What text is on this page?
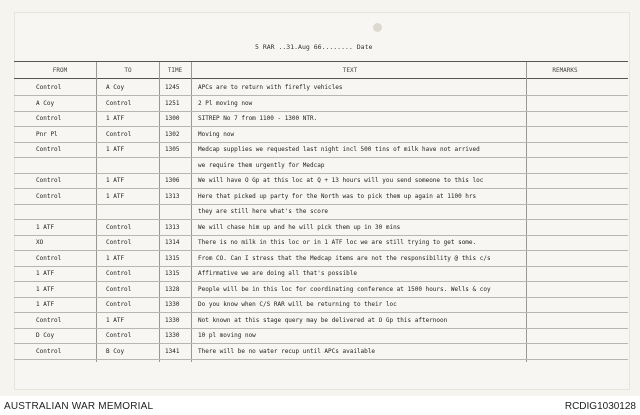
5 RAR ..31.Aug 66........ Date
FROM	TO	TIME	TEXT	REMARKS
Control	A Coy	1245	APCs are to return with firefly vehicles
A Coy	Control	1251	2 Pl moving now
Control	1 ATF	1300	SITREP No 7 from 1100 - 1300 NTR.
Pnr Pl	Control	1302	Moving now
Control	1 ATF	1305	Medcap supplies we requested last night incl 500 tins of milk have not arrived
we require them urgently for Medcap
Control	1 ATF	1306	We will have O Gp at this loc at Q + 13 hours will you send someone to this loc
Control	1 ATF	1313	Here that picked up party for the North was to pick them up again at 1100 hrs
they are still here what's the score
1 ATF	Control	1313	We will chase him up and he will pick them up in 30 mins
XO	Control	1314	There is no milk in this loc or in 1 ATF loc we are still trying to get some.
Control	1 ATF	1315	From CO. Can I stress that the Medcap items are not the responsibility @ this c/s
1 ATF	Control	1315	Affirmative we are doing all that's possible
1 ATF	Control	1328	People will be in this loc for coordinating conference at 1500 hours. Wells & coy
1 ATF	Control	1330	Do you know when C/S RAR will be returning to their loc
Control	1 ATF	1330	Not known at this stage query may be delivered at O Gp this afternoon
D Coy	Control	1330	10 pl moving now
Control	B Coy	1341	There will be no water recup until APCs available
AUSTRALIAN WAR MEMORIAL	RCDIG1030128
